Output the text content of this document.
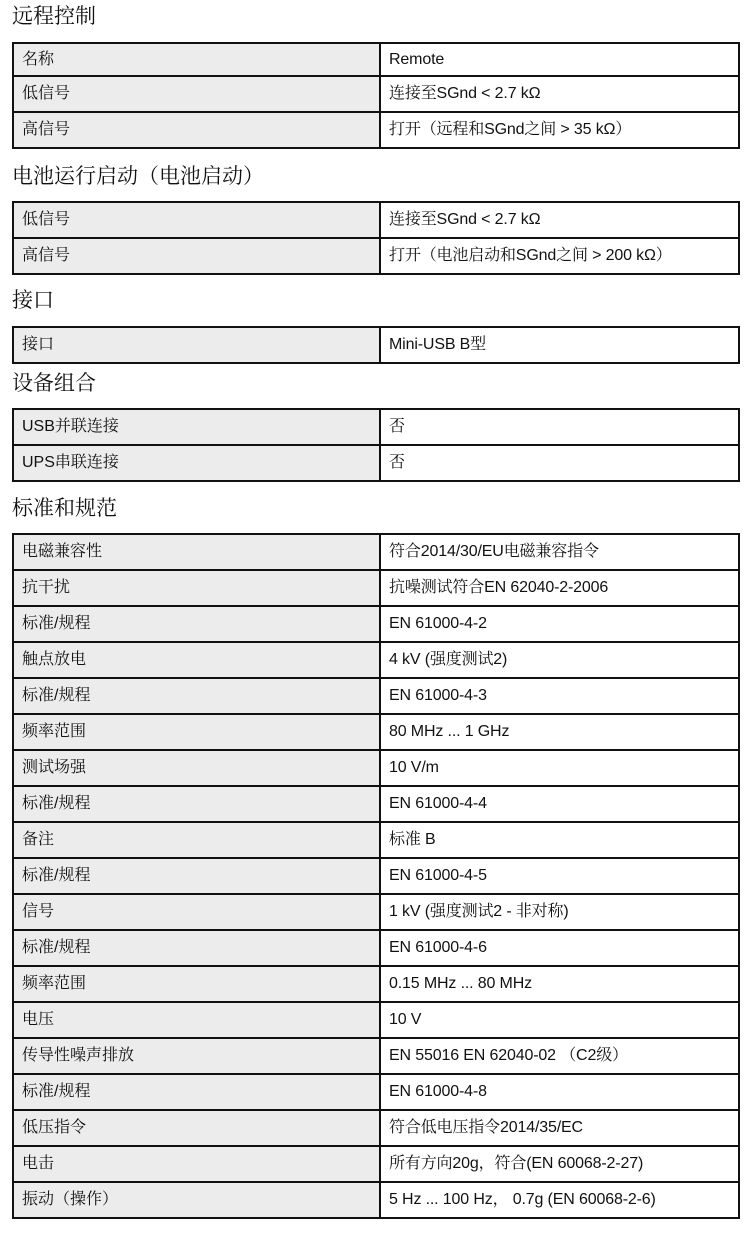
远程控制
名称	Remote
低信号	连接至SGnd < 2.7 kΩ
高信号	打开（远程和SGnd之间 > 35 kΩ）
电池运行启动（电池启动）
低信号	连接至SGnd < 2.7 kΩ
高信号	打开（电池启动和SGnd之间 > 200 kΩ）
接口
接口	Mini-USB B型
设备组合
USB并联连接	否
UPS串联连接	否
标准和规范
电磁兼容性	符合2014/30/EU电磁兼容指令
抗干扰	抗噪测试符合EN 62040-2-2006
标准/规程	EN 61000-4-2
触点放电	4 kV (强度测试2)
标准/规程	EN 61000-4-3
频率范围	80 MHz ... 1 GHz
测试场强	10 V/m
标准/规程	EN 61000-4-4
备注	标准 B
标准/规程	EN 61000-4-5
信号	1 kV (强度测试2 - 非对称)
标准/规程	EN 61000-4-6
频率范围	0.15 MHz ... 80 MHz
电压	10 V
传导性噪声排放	EN 55016 EN 62040-02 （C2级）
标准/规程	EN 61000-4-8
低压指令	符合低电压指令2014/35/EC
电击	所有方向20g，符合(EN 60068-2-27)
振动（操作）	5 Hz ... 100 Hz， 0.7g (EN 60068-2-6)
